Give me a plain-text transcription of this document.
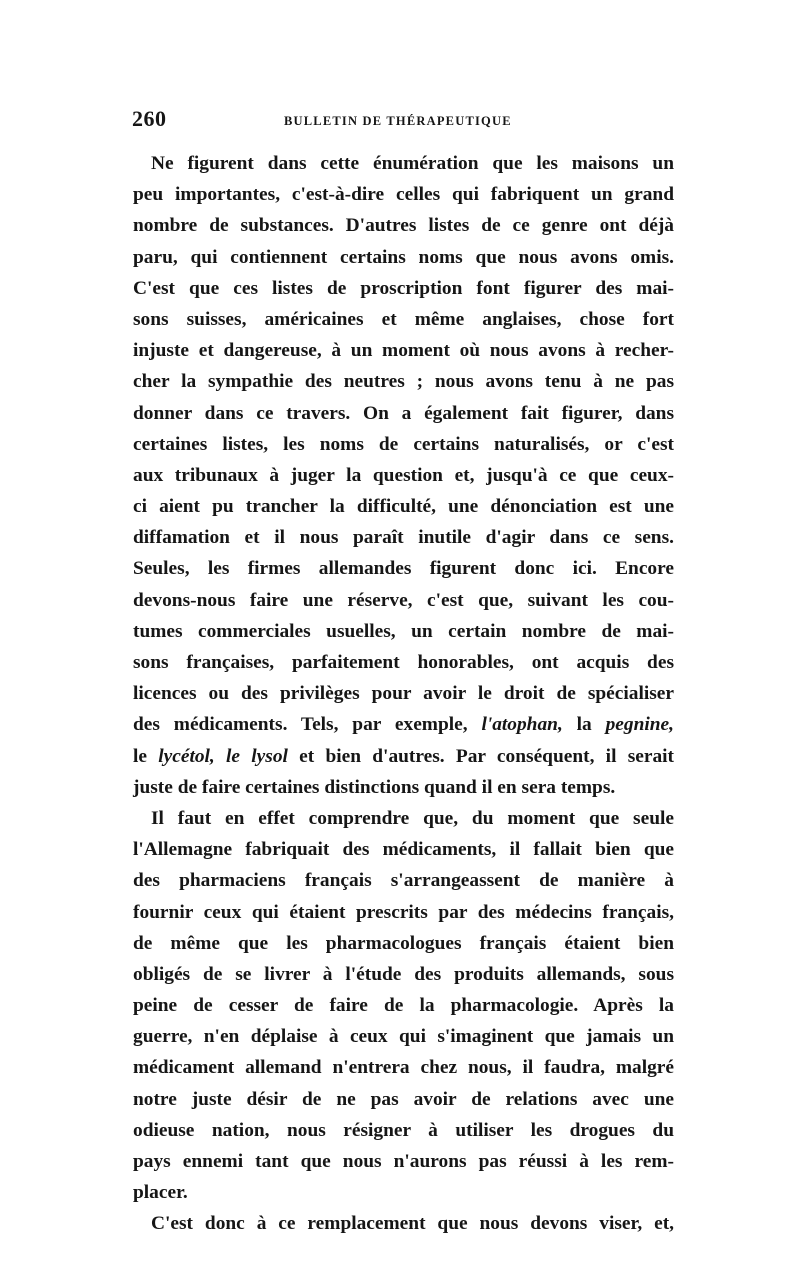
260	BULLETIN DE THÉRAPEUTIQUE
Ne figurent dans cette énumération que les maisons un
peu importantes, c'est-à-dire celles qui fabriquent un grand
nombre de substances. D'autres listes de ce genre ont déjà
paru, qui contiennent certains noms que nous avons omis.
C'est que ces listes de proscription font figurer des mai-
sons suisses, américaines et même anglaises, chose fort
injuste et dangereuse, à un moment où nous avons à recher-
cher la sympathie des neutres ; nous avons tenu à ne pas
donner dans ce travers. On a également fait figurer, dans
certaines listes, les noms de certains naturalisés, or c'est
aux tribunaux à juger la question et, jusqu'à ce que ceux-
ci aient pu trancher la difficulté, une dénonciation est une
diffamation et il nous paraît inutile d'agir dans ce sens.
Seules, les firmes allemandes figurent donc ici. Encore
devons-nous faire une réserve, c'est que, suivant les cou-
tumes commerciales usuelles, un certain nombre de mai-
sons françaises, parfaitement honorables, ont acquis des
licences ou des privilèges pour avoir le droit de spécialiser
des médicaments. Tels, par exemple, l'atophan, la pegnine,
le lycétol, le lysol et bien d'autres. Par conséquent, il serait
juste de faire certaines distinctions quand il en sera temps.
Il faut en effet comprendre que, du moment que seule
l'Allemagne fabriquait des médicaments, il fallait bien que
des pharmaciens français s'arrangeassent de manière à
fournir ceux qui étaient prescrits par des médecins français,
de même que les pharmacologues français étaient bien
obligés de se livrer à l'étude des produits allemands, sous
peine de cesser de faire de la pharmacologie. Après la
guerre, n'en déplaise à ceux qui s'imaginent que jamais un
médicament allemand n'entrera chez nous, il faudra, malgré
notre juste désir de ne pas avoir de relations avec une
odieuse nation, nous résigner à utiliser les drogues du
pays ennemi tant que nous n'aurons pas réussi à les rem-
placer.
C'est donc à ce remplacement que nous devons viser, et,
